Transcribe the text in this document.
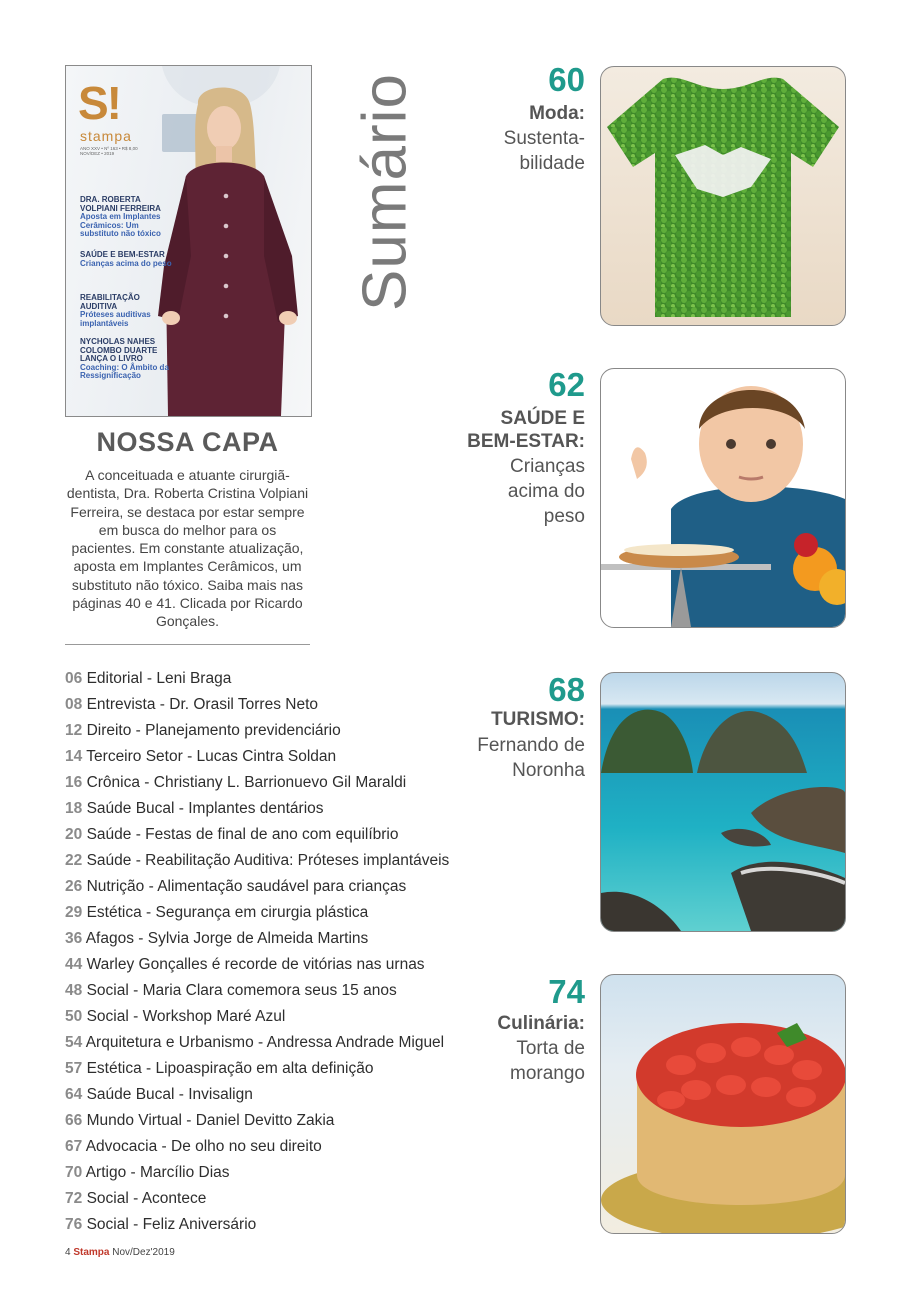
S!
stampa
ANO XXV • Nº 163 • R$ 8,00 NOV/DEZ • 2019
DRA. ROBERTA VOLPIANI FERREIRA
Aposta em Implantes Cerâmicos: Um substituto não tóxico
SAÚDE E BEM-ESTAR
Crianças acima do peso
REABILITAÇÃO AUDITIVA
Próteses auditivas implantáveis
NYCHOLAS NAHES COLOMBO DUARTE LANÇA O LIVRO
Coaching: O Âmbito da Ressignificação
NOSSA CAPA
A conceituada e atuante cirurgiã-dentista, Dra. Roberta Cristina Volpiani Ferreira, se destaca por estar sempre em busca do melhor para os pacientes. Em constante atualização, aposta em Implantes Cerâmicos, um substituto não tóxico. Saiba mais nas páginas 40 e 41. Clicada por Ricardo Gonçales.
Sumário
06 Editorial - Leni Braga
08 Entrevista - Dr. Orasil Torres Neto
12 Direito - Planejamento previdenciário
14 Terceiro Setor - Lucas Cintra Soldan
16 Crônica - Christiany L. Barrionuevo Gil Maraldi
18 Saúde Bucal - Implantes dentários
20 Saúde - Festas de final de ano com equilíbrio
22 Saúde - Reabilitação Auditiva: Próteses implantáveis
26 Nutrição - Alimentação saudável para crianças
29 Estética - Segurança em cirurgia plástica
36 Afagos - Sylvia Jorge de Almeida Martins
44 Warley Gonçalles é recorde de vitórias nas urnas
48 Social - Maria Clara comemora seus 15 anos
50 Social - Workshop Maré Azul
54 Arquitetura e Urbanismo - Andressa Andrade Miguel
57 Estética - Lipoaspiração em alta definição
64 Saúde Bucal - Invisalign
66 Mundo Virtual - Daniel Devitto Zakia
67 Advocacia - De olho no seu direito
70 Artigo - Marcílio Dias
72 Social - Acontece
76 Social - Feliz Aniversário
60
Moda:
Sustenta-
bilidade
62
SAÚDE E
BEM-ESTAR:
Crianças
acima do
peso
68
TURISMO:
Fernando de
Noronha
74
Culinária:
Torta de
morango
4 Stampa Nov/Dez'2019
